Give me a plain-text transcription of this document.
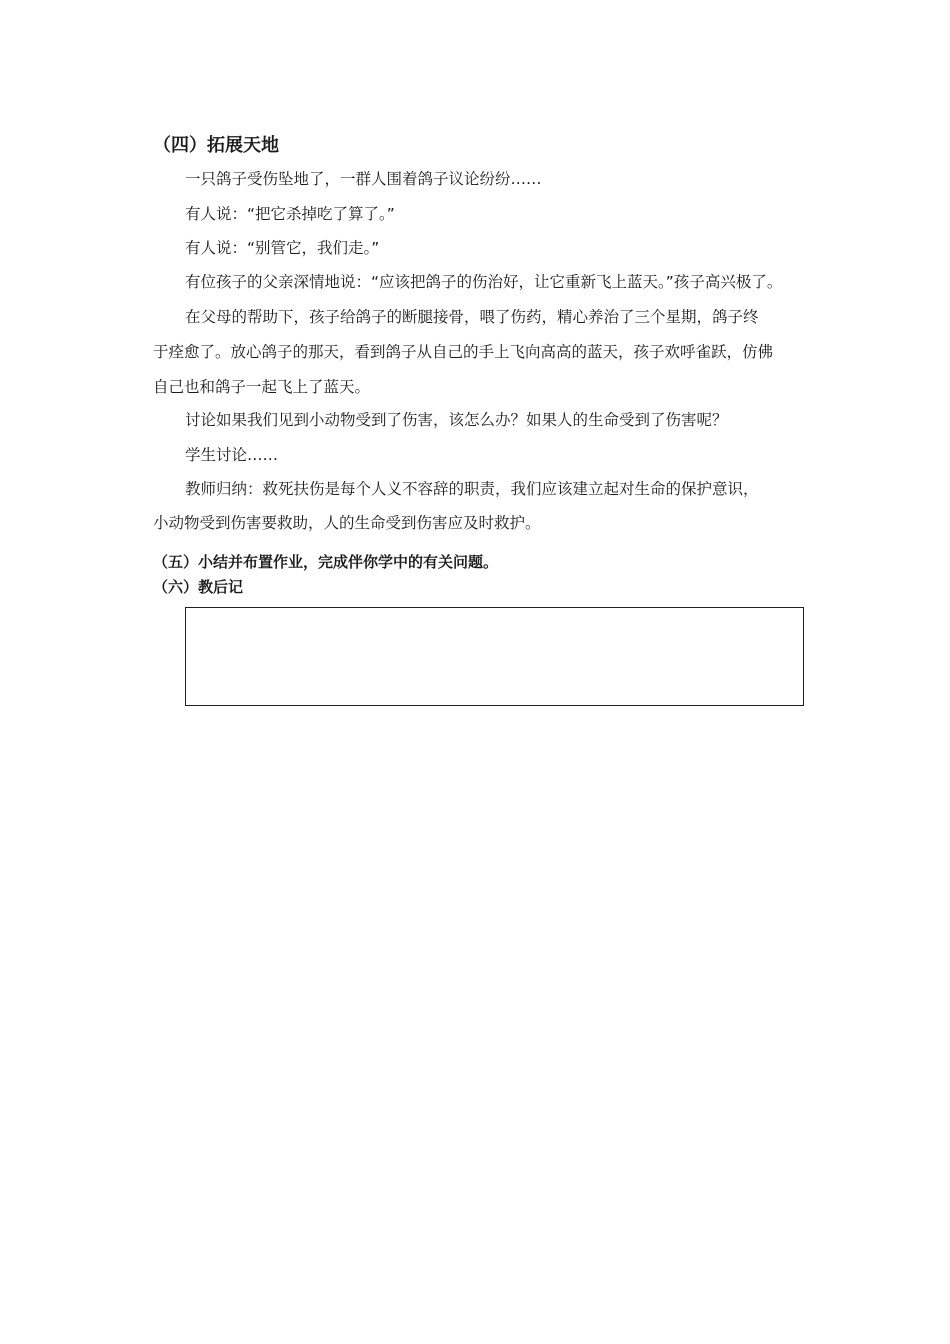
（四）拓展天地
一只鸽子受伤坠地了，一群人围着鸽子议论纷纷……
有人说：“把它杀掉吃了算了。”
有人说：“别管它，我们走。”
有位孩子的父亲深情地说：“应该把鸽子的伤治好，让它重新飞上蓝天。”孩子高兴极了。
在父母的帮助下，孩子给鸽子的断腿接骨，喂了伤药，精心养治了三个星期，鸽子终
于痊愈了。放心鸽子的那天，看到鸽子从自己的手上飞向高高的蓝天，孩子欢呼雀跃，仿佛
自己也和鸽子一起飞上了蓝天。
讨论如果我们见到小动物受到了伤害，该怎么办？如果人的生命受到了伤害呢？
学生讨论……
教师归纳：救死扶伤是每个人义不容辞的职责，我们应该建立起对生命的保护意识，
小动物受到伤害要救助，人的生命受到伤害应及时救护。
（五）小结并布置作业，完成伴你学中的有关问题。
（六）教后记
